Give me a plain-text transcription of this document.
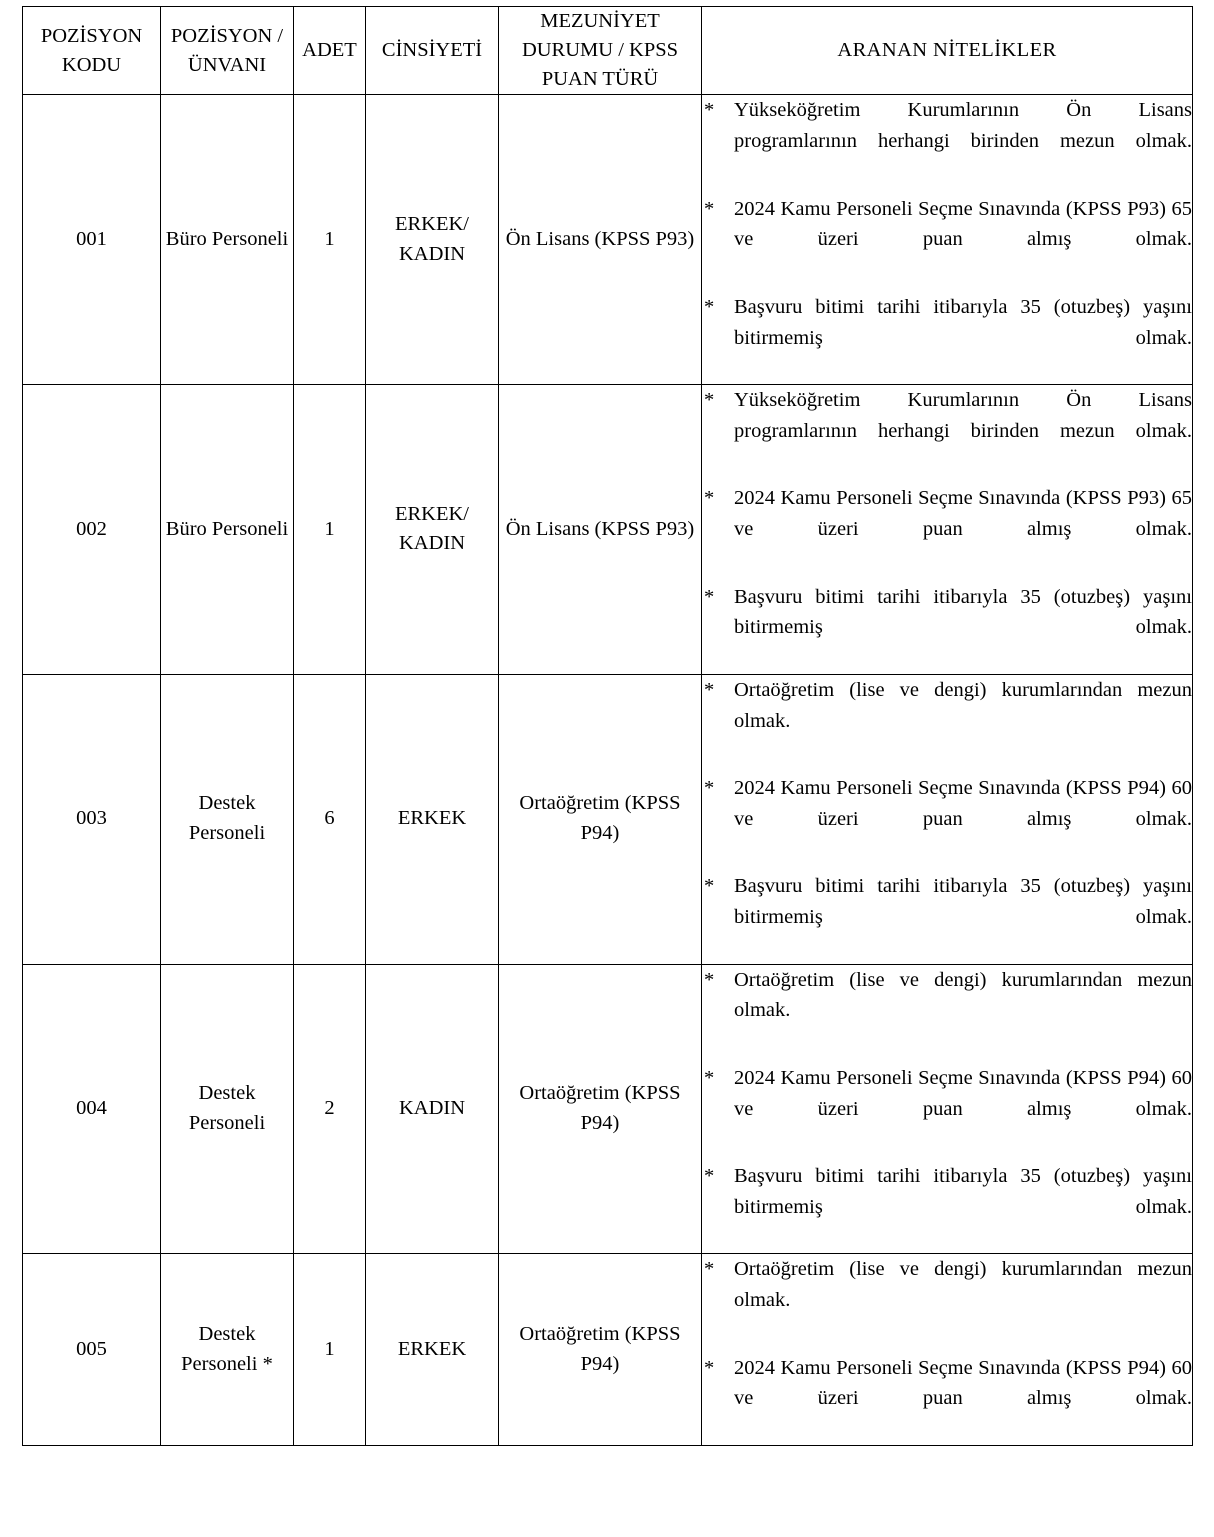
POZİSYON KODU	POZİSYON /ÜNVANI	ADET	CİNSİYETİ	MEZUNİYET DURUMU / KPSS PUAN TÜRÜ	ARANAN NİTELİKLER
001	Büro Personeli	1	ERKEK/ KADIN	Ön Lisans (KPSS P93)	
* Yükseköğretim Kurumlarının Ön Lisans programlarının herhangi birinden mezun olmak.
* 2024 Kamu Personeli Seçme Sınavında (KPSS P93) 65 ve üzeri puan almış olmak.
* Başvuru bitimi tarihi itibarıyla 35 (otuzbeş) yaşını bitirmemiş olmak.

002	Büro Personeli	1	ERKEK/ KADIN	Ön Lisans (KPSS P93)	
* Yükseköğretim Kurumlarının Ön Lisans programlarının herhangi birinden mezun olmak.
* 2024 Kamu Personeli Seçme Sınavında (KPSS P93) 65 ve üzeri puan almış olmak.
* Başvuru bitimi tarihi itibarıyla 35 (otuzbeş) yaşını bitirmemiş olmak.

003	Destek Personeli	6	ERKEK	Ortaöğretim (KPSS P94)	
* Ortaöğretim (lise ve dengi) kurumlarından mezun olmak.
* 2024 Kamu Personeli Seçme Sınavında (KPSS P94) 60 ve üzeri puan almış olmak.
* Başvuru bitimi tarihi itibarıyla 35 (otuzbeş) yaşını bitirmemiş olmak.

004	Destek Personeli	2	KADIN	Ortaöğretim (KPSS P94)	
* Ortaöğretim (lise ve dengi) kurumlarından mezun olmak.
* 2024 Kamu Personeli Seçme Sınavında (KPSS P94) 60 ve üzeri puan almış olmak.
* Başvuru bitimi tarihi itibarıyla 35 (otuzbeş) yaşını bitirmemiş olmak.

005	Destek Personeli *	1	ERKEK	Ortaöğretim (KPSS P94)	
* Ortaöğretim (lise ve dengi) kurumlarından mezun olmak.
* 2024 Kamu Personeli Seçme Sınavında (KPSS P94) 60 ve üzeri puan almış olmak.
